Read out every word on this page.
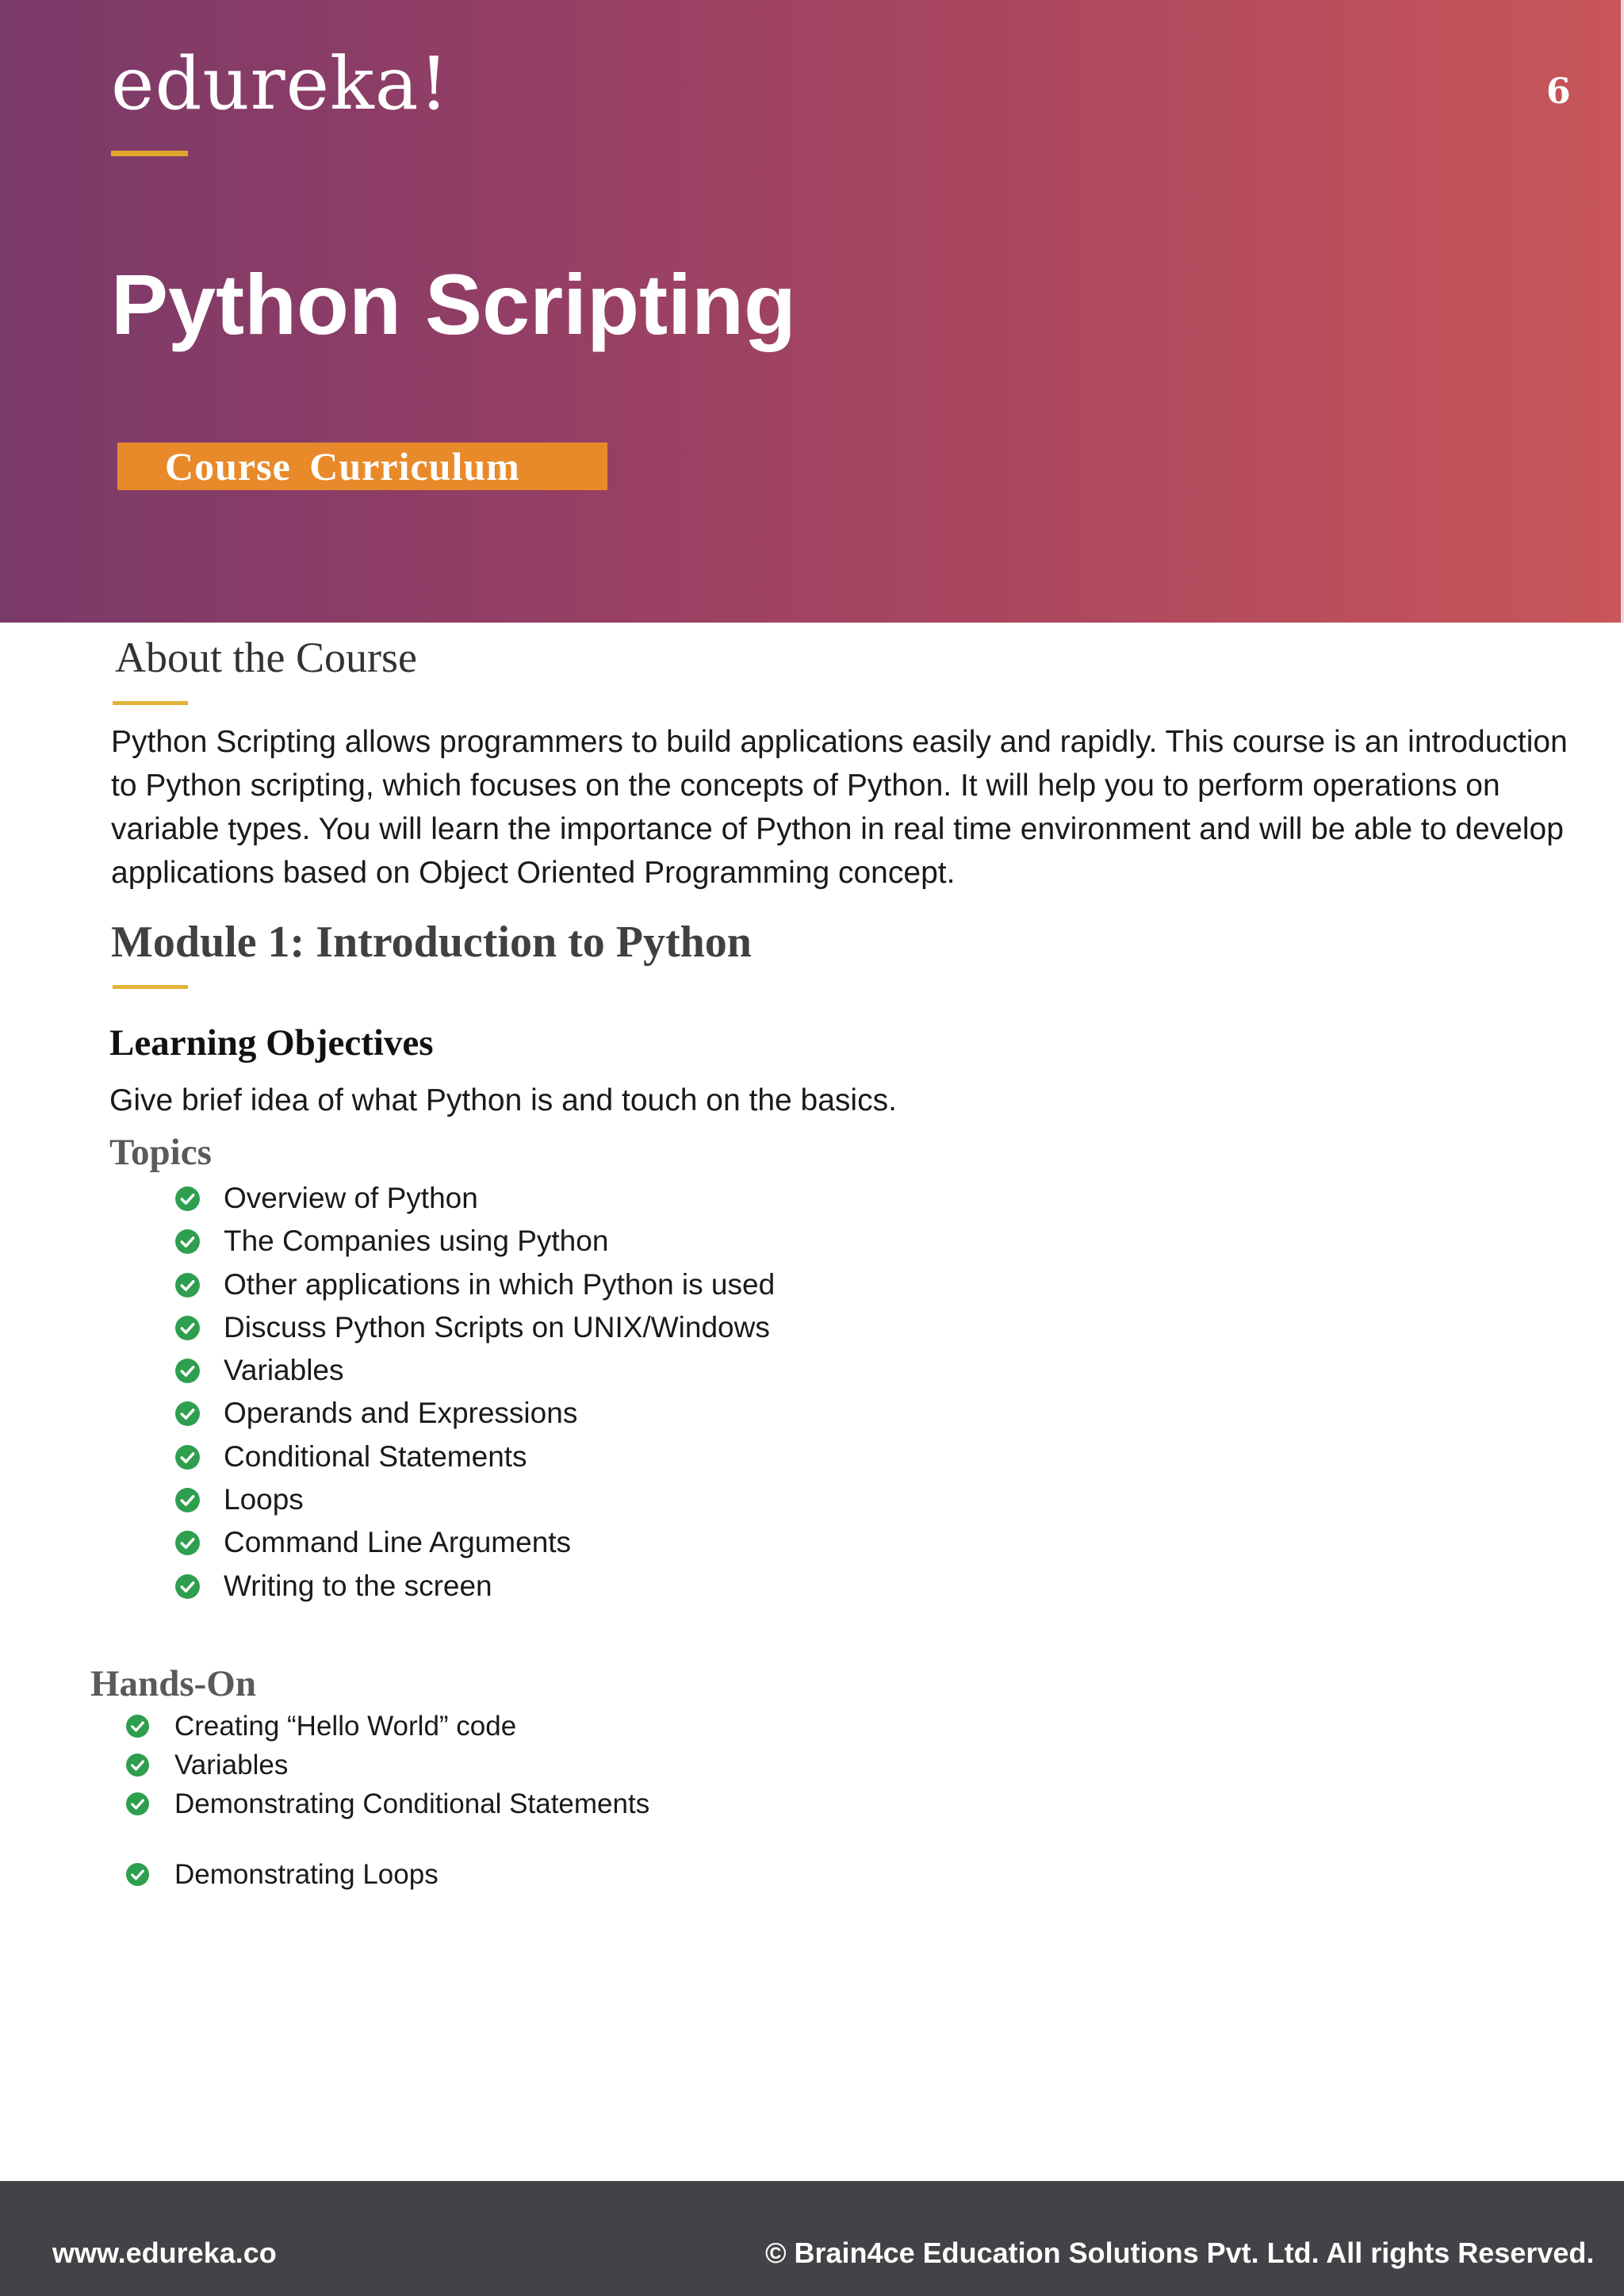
edureka!	6
Python Scripting
Course Curriculum
About the Course
Python Scripting allows programmers to build applications easily and rapidly. This course is an introduction to Python scripting, which focuses on the concepts of Python. It will help you to perform operations on variable types. You will learn the importance of Python in real time environment and will be able to develop applications based on Object Oriented Programming concept.
Module 1: Introduction to Python
Learning Objectives
Give brief idea of what Python is and touch on the basics.
Topics
Overview of Python
The Companies using Python
Other applications in which Python is used
Discuss Python Scripts on UNIX/Windows
Variables
Operands and Expressions
Conditional Statements
Loops
Command Line Arguments
Writing to the screen
Hands-On
Creating “Hello World” code
Variables
Demonstrating Conditional Statements
Demonstrating Loops
www.edureka.co	© Brain4ce Education Solutions Pvt. Ltd. All rights Reserved.
